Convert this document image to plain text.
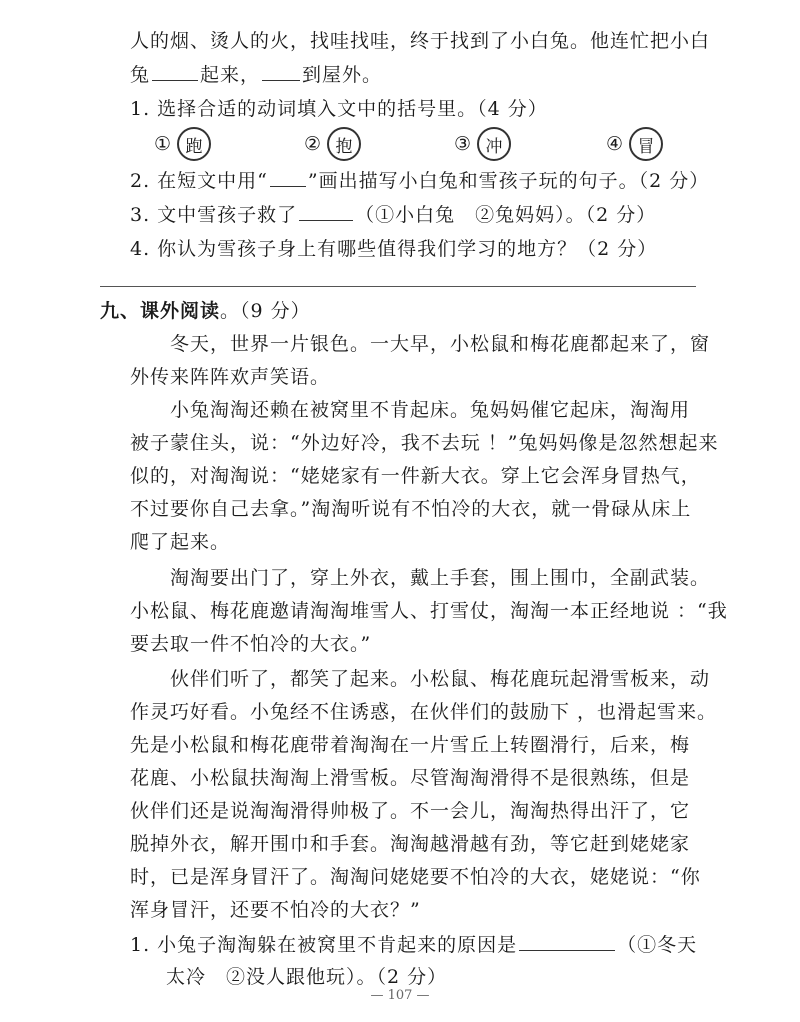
人的烟、烫人的火，找哇找哇，终于找到了小白兔。他连忙把小白
兔	起来， 到屋外。
1. 选择合适的动词填入文中的括号里。（4 分）
① 跑	② 抱	③ 冲	④ 冒
2. 在短文中用“ ”画出描写小白兔和雪孩子玩的句子。（2 分）
3. 文中雪孩子救了	（①小白兔　②兔妈妈）。（2 分）
4. 你认为雪孩子身上有哪些值得我们学习的地方？（2 分）
九、课外阅读。（9 分）
　　冬天，世界一片银色。一大早，小松鼠和梅花鹿都起来了，窗
外传来阵阵欢声笑语。
　　小兔淘淘还赖在被窝里不肯起床。兔妈妈催它起床，淘淘用
被子蒙住头，说：“外边好冷，我不去玩 ！”兔妈妈像是忽然想起来
似的，对淘淘说：“姥姥家有一件新大衣。穿上它会浑身冒热气，
不过要你自己去拿。”淘淘听说有不怕冷的大衣，就一骨碌从床上
爬了起来。
　　淘淘要出门了，穿上外衣，戴上手套，围上围巾，全副武装。
小松鼠、梅花鹿邀请淘淘堆雪人、打雪仗，淘淘一本正经地说 ：“我
要去取一件不怕冷的大衣。”
　　伙伴们听了，都笑了起来。小松鼠、梅花鹿玩起滑雪板来，动
作灵巧好看。小兔经不住诱惑，在伙伴们的鼓励下 ，也滑起雪来。
先是小松鼠和梅花鹿带着淘淘在一片雪丘上转圈滑行，后来，梅
花鹿、小松鼠扶淘淘上滑雪板。尽管淘淘滑得不是很熟练，但是
伙伴们还是说淘淘滑得帅极了。不一会儿，淘淘热得出汗了，它
脱掉外衣，解开围巾和手套。淘淘越滑越有劲，等它赶到姥姥家
时，已是浑身冒汗了。淘淘问姥姥要不怕冷的大衣，姥姥说：“你
浑身冒汗，还要不怕冷的大衣？”
1. 小兔子淘淘躲在被窝里不肯起来的原因是	（①冬天
太冷　②没人跟他玩）。（2 分）
— 107 —
